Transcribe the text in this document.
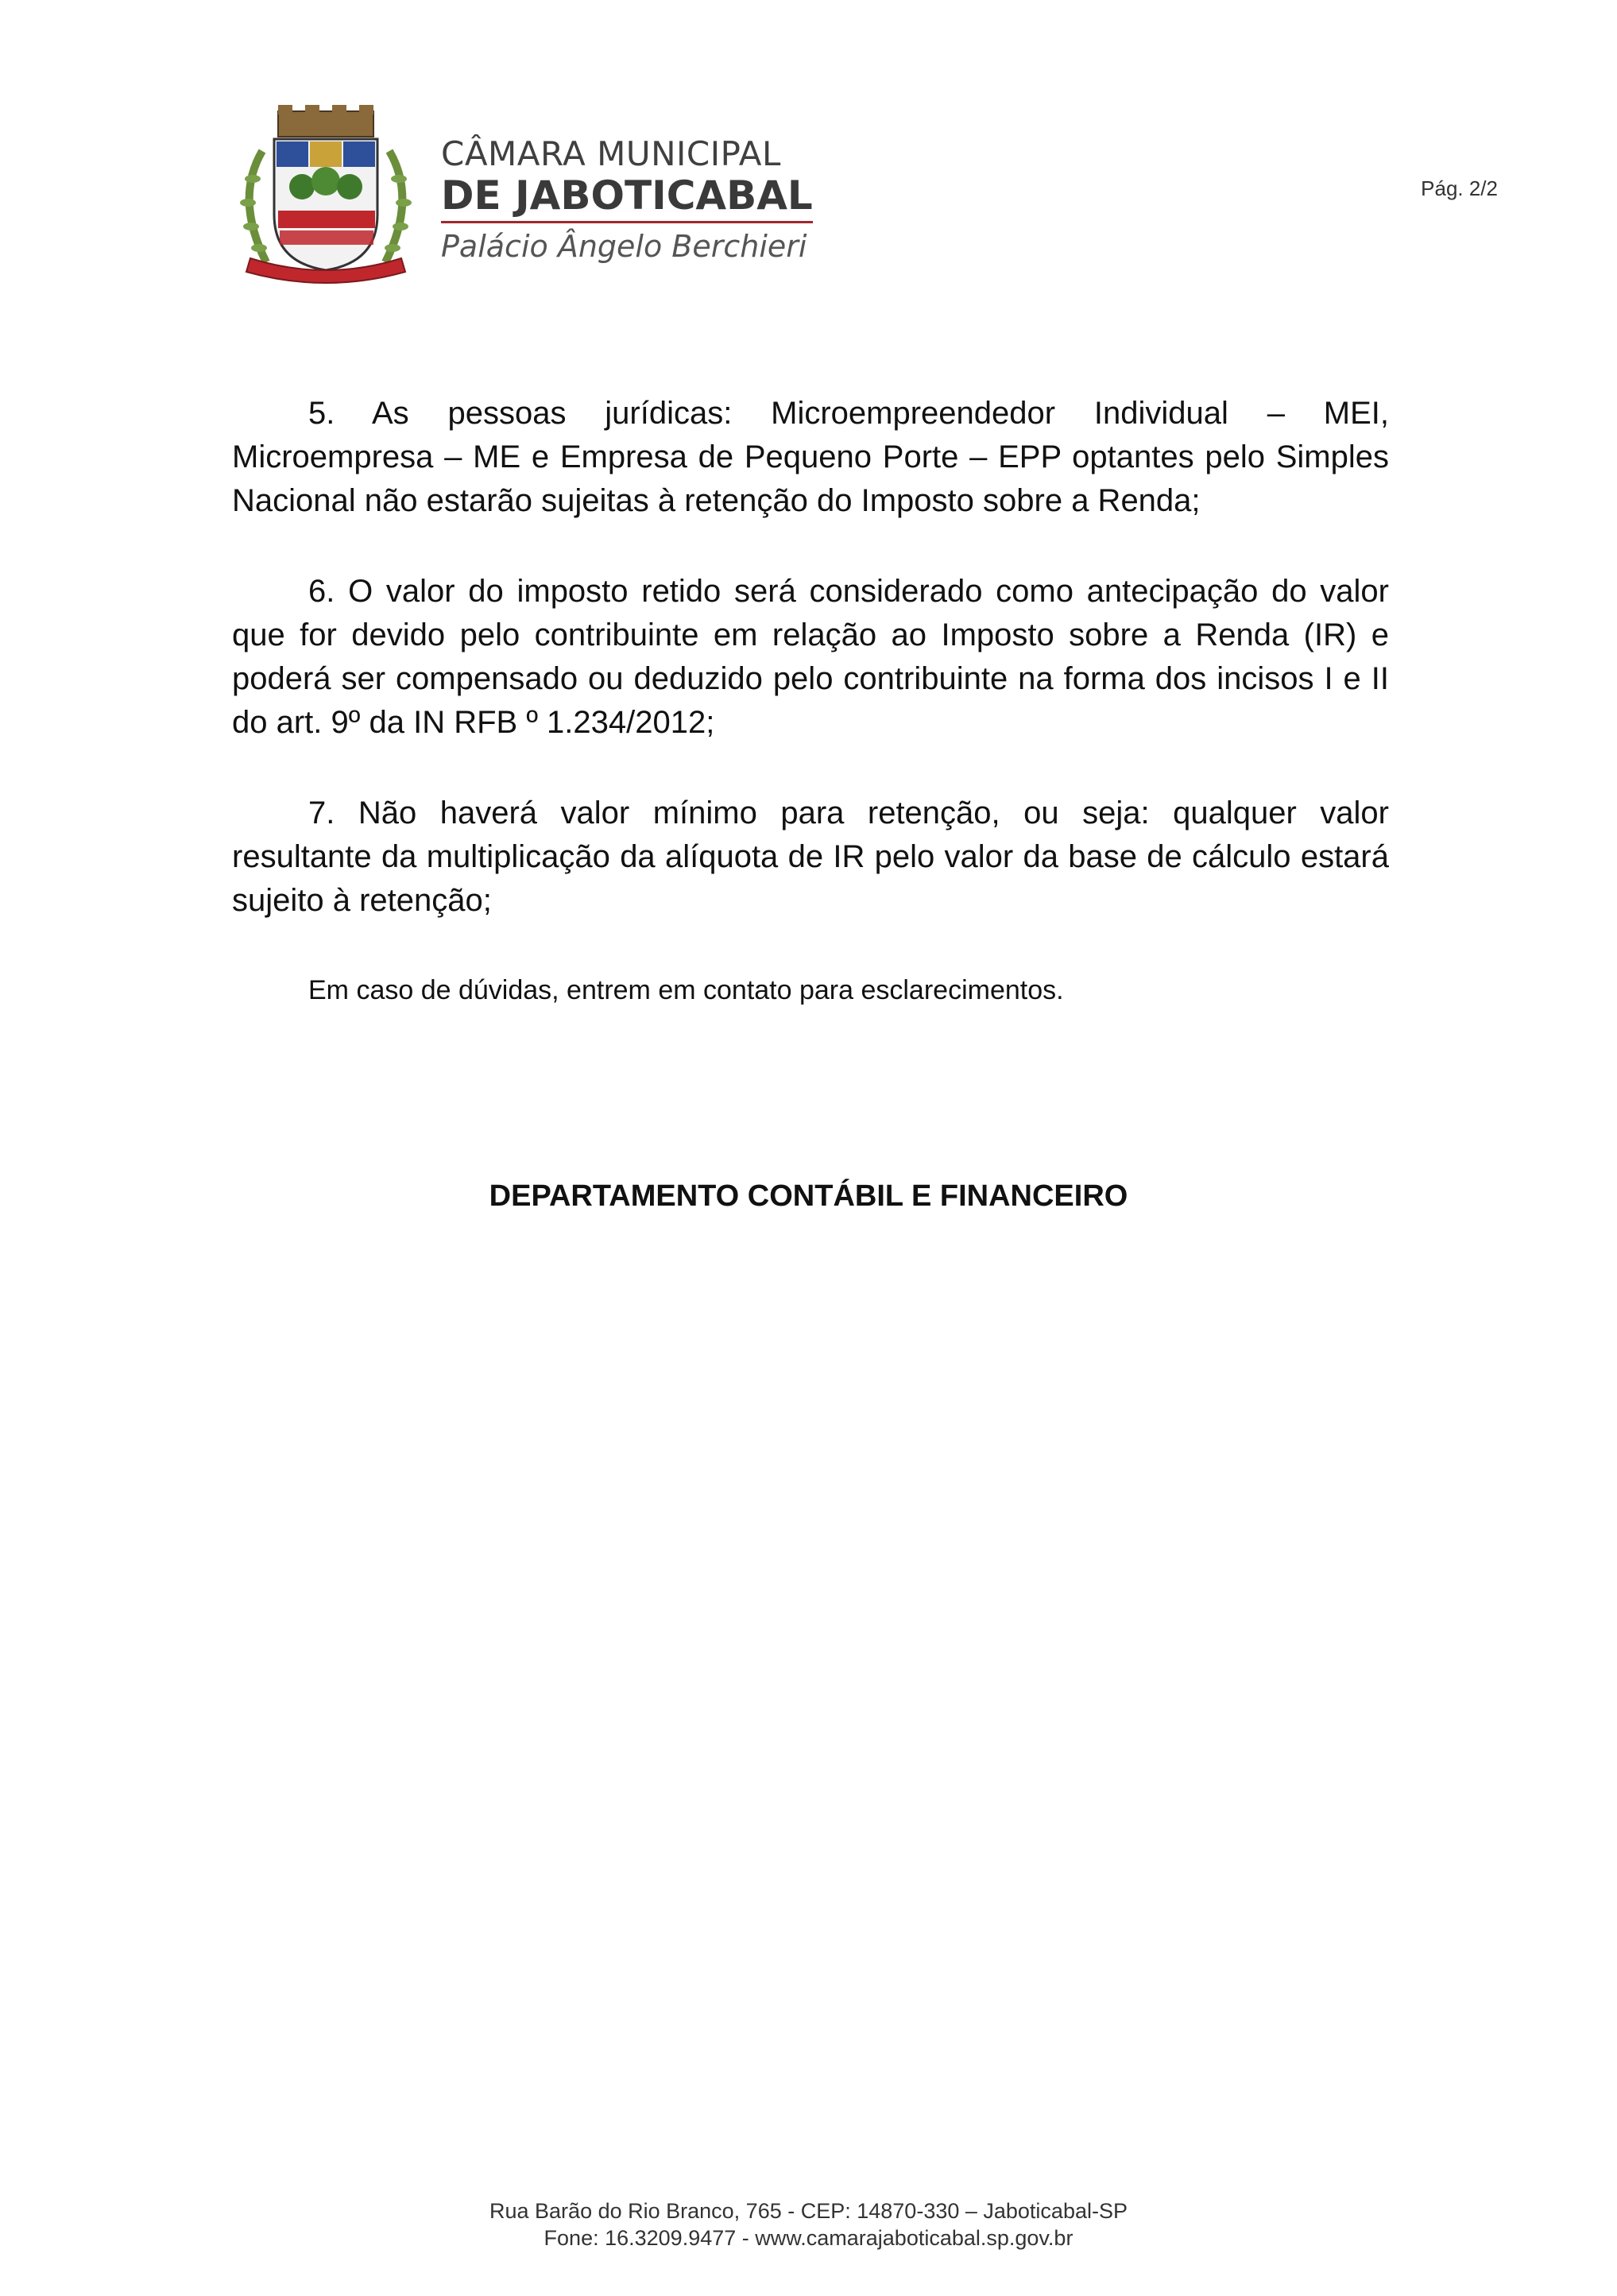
CÂMARA MUNICIPAL
DE JABOTICABAL
Palácio Ângelo Berchieri
Pág. 2/2

5. As pessoas jurídicas: Microempreendedor Individual – MEI, Microempresa – ME e Empresa de Pequeno Porte – EPP optantes pelo Simples Nacional não estarão sujeitas à retenção do Imposto sobre a Renda;

6. O valor do imposto retido será considerado como antecipação do valor que for devido pelo contribuinte em relação ao Imposto sobre a Renda (IR) e poderá ser compensado ou deduzido pelo contribuinte na forma dos incisos I e II do art. 9º da IN RFB º 1.234/2012;

7. Não haverá valor mínimo para retenção, ou seja: qualquer valor resultante da multiplicação da alíquota de IR pelo valor da base de cálculo estará sujeito à retenção;

Em caso de dúvidas, entrem em contato para esclarecimentos.
DEPARTAMENTO CONTÁBIL E FINANCEIRO
Rua Barão do Rio Branco, 765 - CEP: 14870-330 – Jaboticabal-SP
Fone: 16.3209.9477 - www.camarajaboticabal.sp.gov.br
